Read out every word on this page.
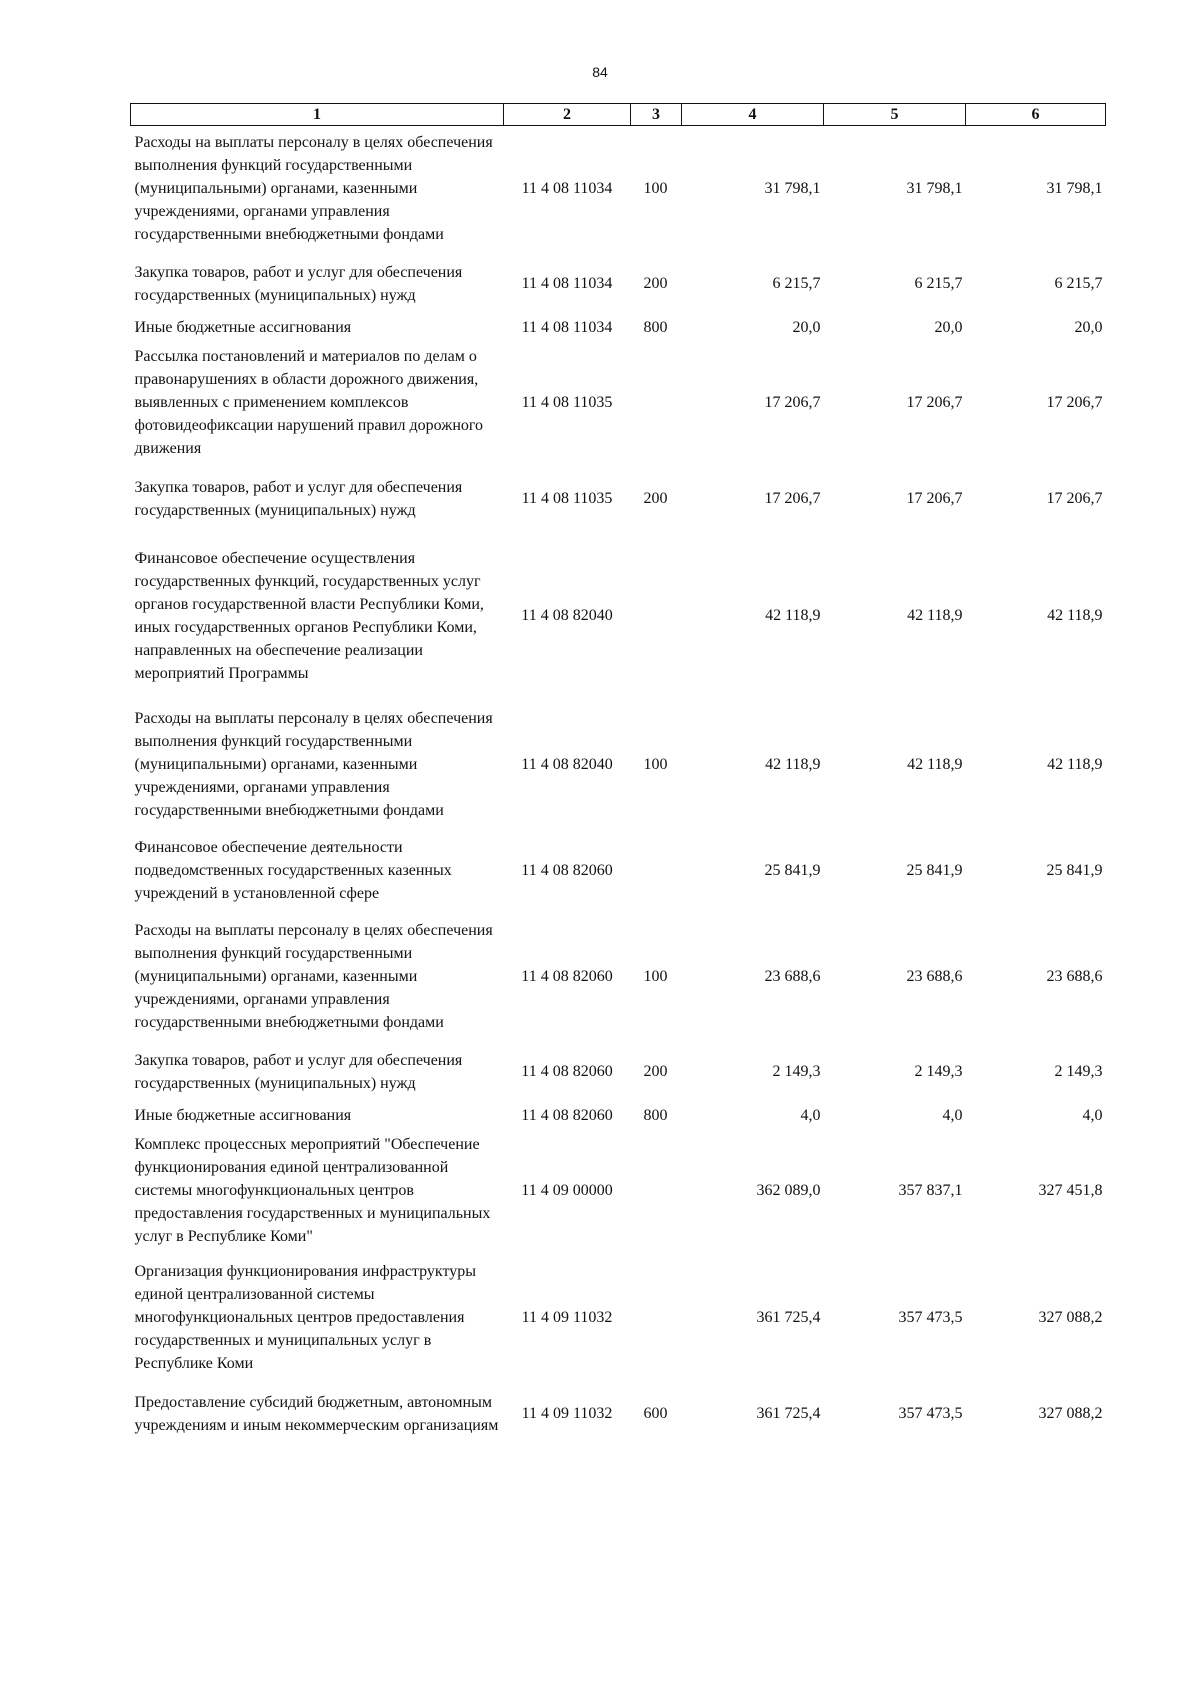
84
1	2	3	4	5	6
Расходы на выплаты персоналу в целях обеспечения выполнения функций государственными (муниципальными) органами, казенными учреждениями, органами управления государственными внебюджетными фондами	11 4 08 11034	100	31 798,1	31 798,1	31 798,1
Закупка товаров, работ и услуг для обеспечения государственных (муниципальных) нужд	11 4 08 11034	200	6 215,7	6 215,7	6 215,7
Иные бюджетные ассигнования	11 4 08 11034	800	20,0	20,0	20,0
Рассылка постановлений и материалов по делам о правонарушениях в области дорожного движения, выявленных с применением комплексов фотовидеофиксации нарушений правил дорожного движения	11 4 08 11035		17 206,7	17 206,7	17 206,7
Закупка товаров, работ и услуг для обеспечения государственных (муниципальных) нужд	11 4 08 11035	200	17 206,7	17 206,7	17 206,7
Финансовое обеспечение осуществления государственных функций, государственных услуг органов государственной власти Республики Коми, иных государственных органов Республики Коми, направленных на обеспечение реализации мероприятий Программы	11 4 08 82040		42 118,9	42 118,9	42 118,9
Расходы на выплаты персоналу в целях обеспечения выполнения функций государственными (муниципальными) органами, казенными учреждениями, органами управления государственными внебюджетными фондами	11 4 08 82040	100	42 118,9	42 118,9	42 118,9
Финансовое обеспечение деятельности подведомственных государственных казенных учреждений в установленной сфере	11 4 08 82060		25 841,9	25 841,9	25 841,9
Расходы на выплаты персоналу в целях обеспечения выполнения функций государственными (муниципальными) органами, казенными учреждениями, органами управления государственными внебюджетными фондами	11 4 08 82060	100	23 688,6	23 688,6	23 688,6
Закупка товаров, работ и услуг для обеспечения государственных (муниципальных) нужд	11 4 08 82060	200	2 149,3	2 149,3	2 149,3
Иные бюджетные ассигнования	11 4 08 82060	800	4,0	4,0	4,0
Комплекс процессных мероприятий "Обеспечение функционирования единой централизованной системы многофункциональных центров предоставления государственных и муниципальных услуг в Республике Коми"	11 4 09 00000		362 089,0	357 837,1	327 451,8
Организация функционирования инфраструктуры единой централизованной системы многофункциональных центров предоставления государственных и муниципальных услуг в Республике Коми	11 4 09 11032		361 725,4	357 473,5	327 088,2
Предоставление субсидий бюджетным, автономным учреждениям и иным некоммерческим организациям	11 4 09 11032	600	361 725,4	357 473,5	327 088,2
